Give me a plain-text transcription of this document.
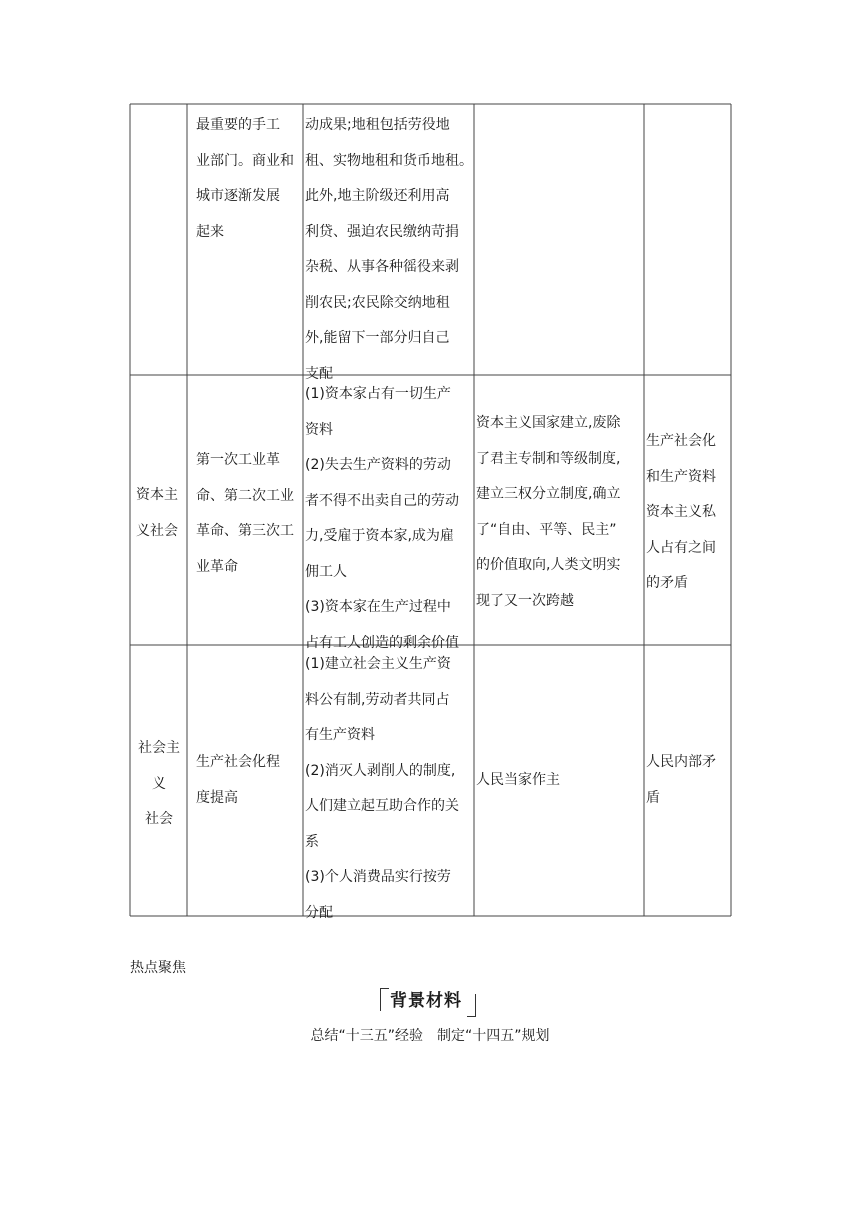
最重要的手工
业部门。商业和
城市逐渐发展
起来
动成果;地租包括劳役地
租、实物地租和货币地租。
此外,地主阶级还利用高
利贷、强迫农民缴纳苛捐
杂税、从事各种徭役来剥
削农民;农民除交纳地租
外,能留下一部分归自己
支配
资本主
义社会
第一次工业革
命、第二次工业
革命、第三次工
业革命
(1)资本家占有一切生产
资料
(2)失去生产资料的劳动
者不得不出卖自己的劳动
力,受雇于资本家,成为雇
佣工人
(3)资本家在生产过程中
占有工人创造的剩余价值
资本主义国家建立,废除
了君主专制和等级制度,
建立三权分立制度,确立
了“自由、平等、民主”
的价值取向,人类文明实
现了又一次跨越
生产社会化
和生产资料
资本主义私
人占有之间
的矛盾
社会主
义
社会
生产社会化程
度提高
(1)建立社会主义生产资
料公有制,劳动者共同占
有生产资料
(2)消灭人剥削人的制度,
人们建立起互助合作的关
系
(3)个人消费品实行按劳
分配
人民当家作主
人民内部矛
盾
热点聚焦
背景材料
总结“十三五”经验　制定“十四五”规划
